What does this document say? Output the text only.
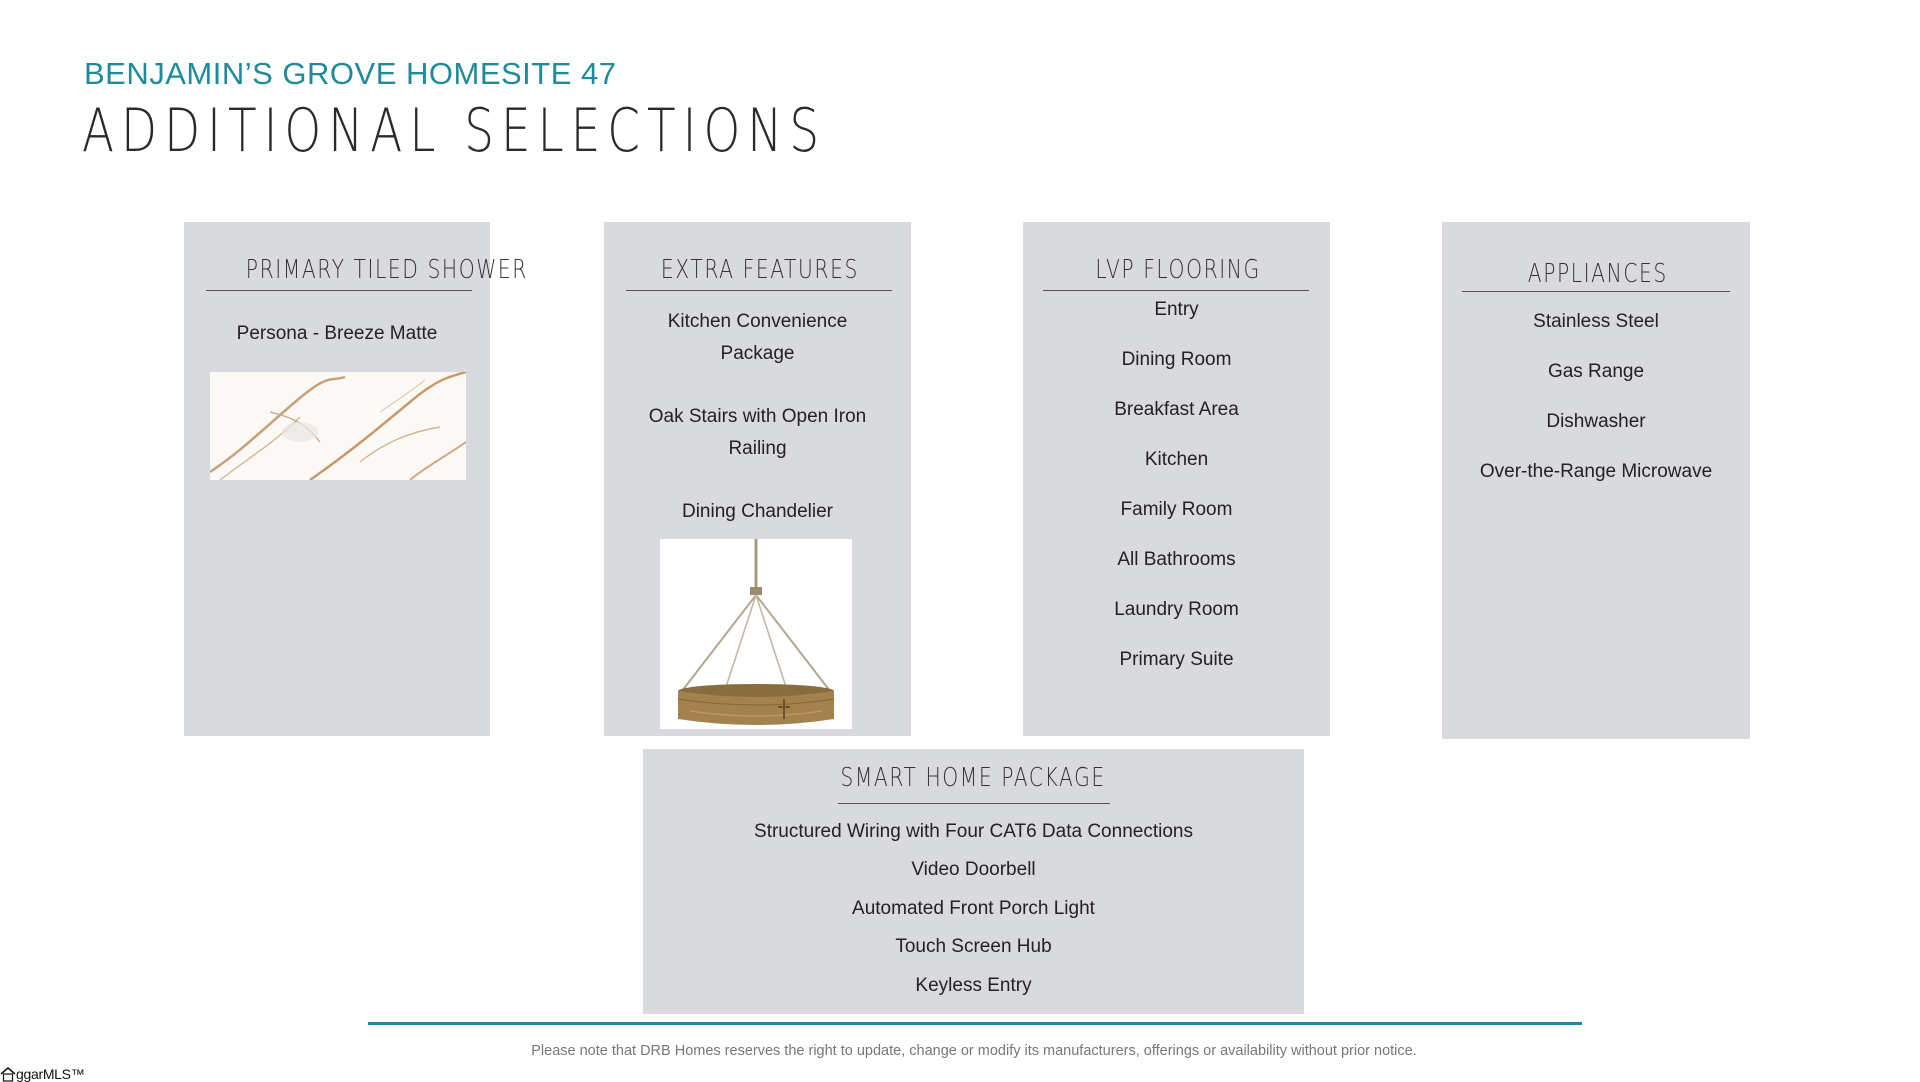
BENJAMIN’S GROVE HOMESITE 47
ADDITIONAL SELECTIONS
PRIMARY TILED SHOWER
Persona - Breeze Matte
EXTRA FEATURES
Kitchen Convenience
Package
Oak Stairs with Open Iron
Railing
Dining Chandelier
LVP FLOORING
Entry
Dining Room
Breakfast Area
Kitchen
Family Room
All Bathrooms
Laundry Room
Primary Suite
APPLIANCES
Stainless Steel
Gas Range
Dishwasher
Over-the-Range Microwave
SMART HOME PACKAGE
Structured Wiring with Four CAT6 Data Connections
Video Doorbell
Automated Front Porch Light
Touch Screen Hub
Keyless Entry
Please note that DRB Homes reserves the right to update, change or modify its manufacturers, offerings or availability without prior notice.
ggarMLS™
